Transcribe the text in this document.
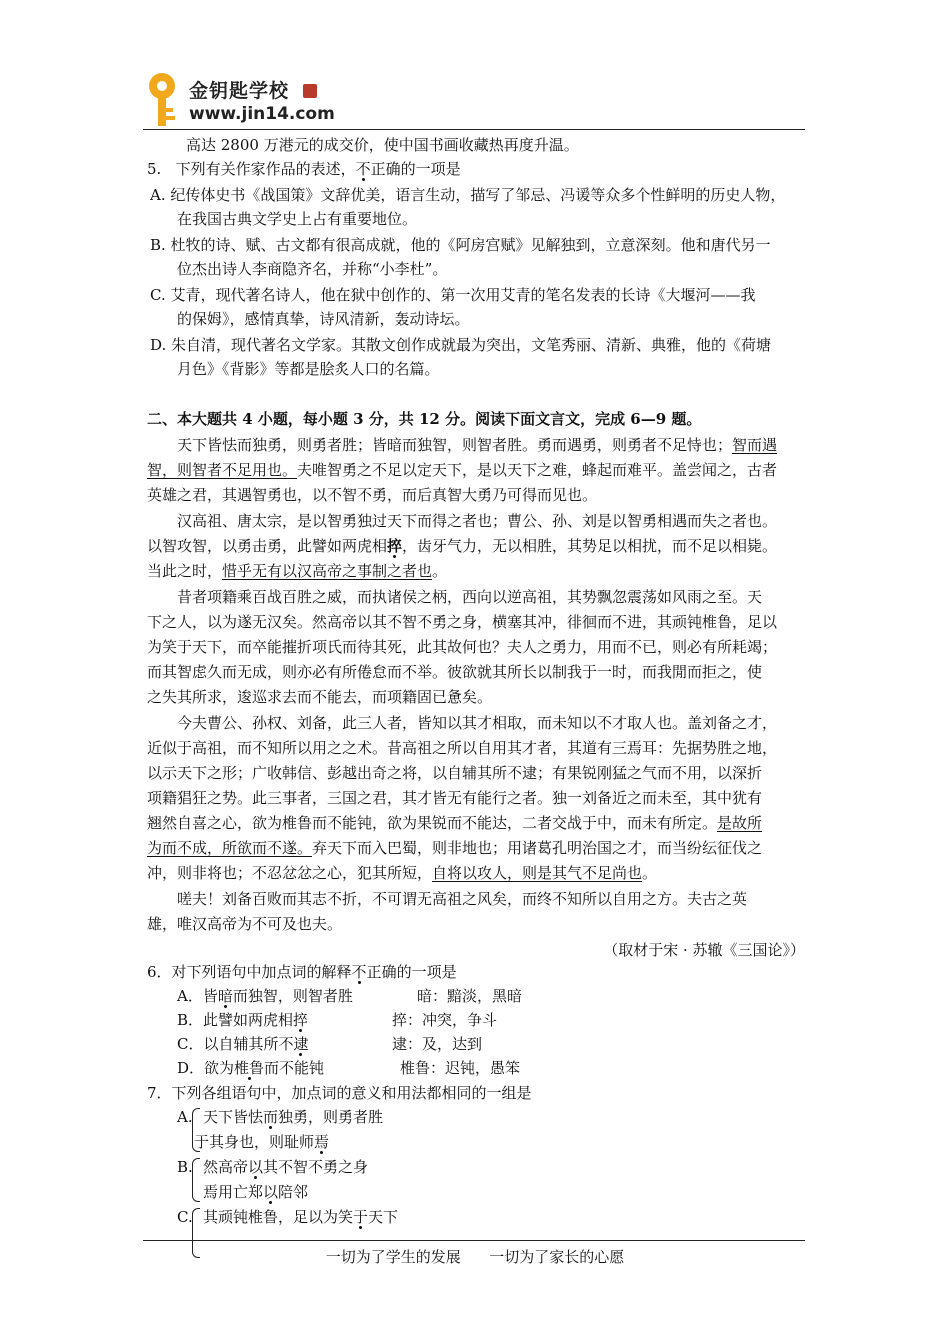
金钥匙学校
www.jin14.com
高达 2800 万港元的成交价，使中国书画收藏热再度升温。
5.   下列有关作家作品的表述，不正确的一项是
A. 纪传体史书《战国策》文辞优美，语言生动，描写了邹忌、冯谖等众多个性鲜明的历史人物，
在我国古典文学史上占有重要地位。
B. 杜牧的诗、赋、古文都有很高成就，他的《阿房宫赋》见解独到，立意深刻。他和唐代另一
位杰出诗人李商隐齐名，并称“小李杜”。
C. 艾青，现代著名诗人，他在狱中创作的、第一次用艾青的笔名发表的长诗《大堰河——我
的保姆》，感情真挚，诗风清新，轰动诗坛。
D. 朱自清，现代著名文学家。其散文创作成就最为突出，文笔秀丽、清新、典雅，他的《荷塘
月色》《背影》等都是脍炙人口的名篇。
二、本大题共 4 小题，每小题 3 分，共 12 分。阅读下面文言文，完成 6—9 题。
天下皆怯而独勇，则勇者胜；皆暗而独智，则智者胜。勇而遇勇，则勇者不足恃也；智而遇
智，则智者不足用也。夫唯智勇之不足以定天下，是以天下之难，蜂起而难平。盖尝闻之，古者
英雄之君，其遇智勇也，以不智不勇，而后真智大勇乃可得而见也。
汉高祖、唐太宗，是以智勇独过天下而得之者也；曹公、孙、刘是以智勇相遇而失之者也。
以智攻智，以勇击勇，此譬如两虎相捽，齿牙气力，无以相胜，其势足以相扰，而不足以相毙。
当此之时，惜乎无有以汉高帝之事制之者也。
昔者项籍乘百战百胜之威，而执诸侯之柄，西向以逆高祖，其势飘忽震荡如风雨之至。天
下之人，以为遂无汉矣。然高帝以其不智不勇之身，横塞其冲，徘徊而不进，其顽钝椎鲁，足以
为笑于天下，而卒能摧折项氏而待其死，此其故何也？夫人之勇力，用而不已，则必有所耗竭；
而其智虑久而无成，则亦必有所倦怠而不举。彼欲就其所长以制我于一时，而我閒而拒之，使
之失其所求，逡巡求去而不能去，而项籍固已惫矣。
今夫曹公、孙权、刘备，此三人者，皆知以其才相取，而未知以不才取人也。盖刘备之才，
近似于高祖，而不知所以用之之术。昔高祖之所以自用其才者，其道有三焉耳：先据势胜之地，
以示天下之形；广收韩信、彭越出奇之将，以自辅其所不逮；有果锐刚猛之气而不用，以深折
项籍猖狂之势。此三事者，三国之君，其才皆无有能行之者。独一刘备近之而未至，其中犹有
翘然自喜之心，欲为椎鲁而不能钝，欲为果锐而不能达，二者交战于中，而未有所定。是故所
为而不成，所欲而不遂。弃天下而入巴蜀，则非地也；用诸葛孔明治国之才，而当纷纭征伐之
冲，则非将也；不忍忿忿之心，犯其所短，自将以攻人，则是其气不足尚也。
嗟夫！刘备百败而其志不折，不可谓无高祖之风矣，而终不知所以自用之方。夫古之英
雄，唯汉高帝为不可及也夫。
（取材于宋 · 苏辙《三国论》）
6．对下列语句中加点词的解释不正确的一项是
A．皆暗而独智，则智者胜	暗：黯淡，黑暗
B．此譬如两虎相捽	捽：冲突，争斗
C．以自辅其所不逮	逮：及，达到
D．欲为椎鲁而不能钝	椎鲁：迟钝，愚笨
7．下列各组语句中，加点词的意义和用法都相同的一组是
A. 天下皆怯而独勇，则勇者胜
于其身也，则耻师焉
B. 然高帝以其不智不勇之身
焉用亡郑以陪邻
C. 其顽钝椎鲁，足以为笑于天下
一切为了学生的发展      一切为了家长的心愿
